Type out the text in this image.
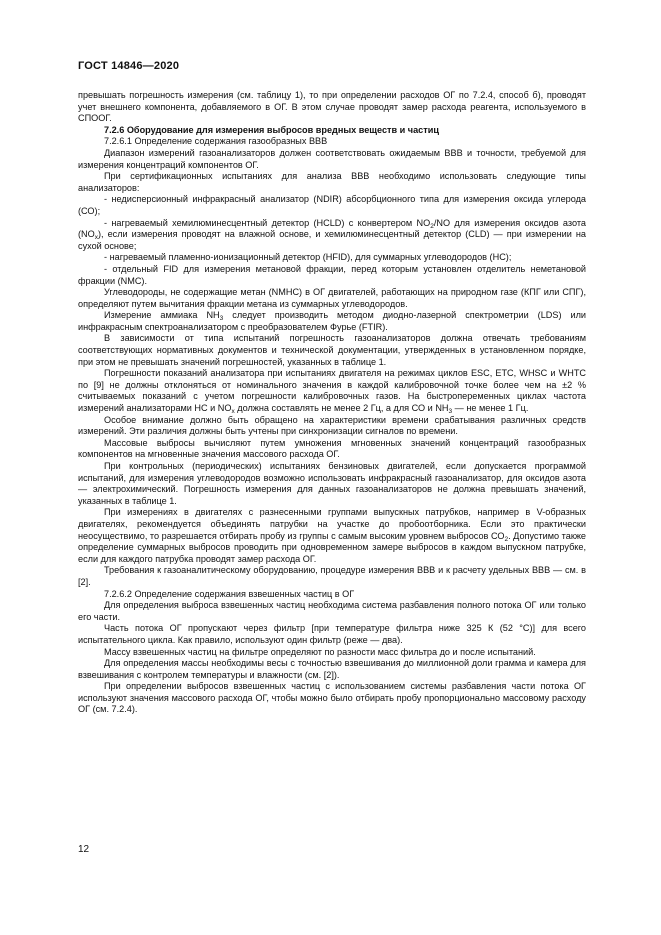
ГОСТ 14846—2020

превышать погрешность измерения (см. таблицу 1), то при определении расходов ОГ по 7.2.4, способ б), проводят учет внешнего компонента, добавляемого в ОГ. В этом случае проводят замер расхода реагента, используемого в СПООГ.

7.2.6 Оборудование для измерения выбросов вредных веществ и частиц

7.2.6.1 Определение содержания газообразных ВВВ

Диапазон измерений газоанализаторов должен соответствовать ожидаемым ВВВ и точности, требуемой для измерения концентраций компонентов ОГ.

При сертификационных испытаниях для анализа ВВВ необходимо использовать следующие типы анализаторов:

- недисперсионный инфракрасный анализатор (NDIR) абсорбционного типа для измерения оксида углерода (СО);

- нагреваемый хемилюминесцентный детектор (HCLD) с конвертером $NO_2/NO$ для измерения оксидов азота $(NO_x)$, если измерения проводят на влажной основе, и хемилюминесцентный детектор (CLD) — при измерении на сухой основе;

- нагреваемый пламенно-ионизационный детектор (HFID), для суммарных углеводородов (НС);

- отдельный FID для измерения метановой фракции, перед которым установлен отделитель неметановой фракции (NMC).

Углеводороды, не содержащие метан (NMHC) в ОГ двигателей, работающих на природном газе (КПГ или СПГ), определяют путем вычитания фракции метана из суммарных углеводородов.

Измерение аммиака $NH_3$ следует производить методом диодно-лазерной спектрометрии (LDS) или инфракрасным спектроанализатором с преобразователем Фурье (FTIR).

В зависимости от типа испытаний погрешность газоанализаторов должна отвечать требованиям соответствующих нормативных документов и технической документации, утвержденных в установленном порядке, при этом не превышать значений погрешностей, указанных в таблице 1.

Погрешности показаний анализатора при испытаниях двигателя на режимах циклов ESC, ETC, WHSC и WHTC по [9] не должны отклоняться от номинального значения в каждой калибровочной точке более чем на ±2 % считываемых показаний с учетом погрешности калибровочных газов. На быстропеременных циклах частота измерений анализаторами НС и $NO_x$ должна составлять не менее 2 Гц, а для СО и $NH_3$ — не менее 1 Гц.

Особое внимание должно быть обращено на характеристики времени срабатывания различных средств измерений. Эти различия должны быть учтены при синхронизации сигналов по времени.

Массовые выбросы вычисляют путем умножения мгновенных значений концентраций газообразных компонентов на мгновенные значения массового расхода ОГ.

При контрольных (периодических) испытаниях бензиновых двигателей, если допускается программой испытаний, для измерения углеводородов возможно использовать инфракрасный газоанализатор, для оксидов азота — электрохимический. Погрешность измерения для данных газоанализаторов не должна превышать значений, указанных в таблице 1.

При измерениях в двигателях с разнесенными группами выпускных патрубков, например в V-образных двигателях, рекомендуется объединять патрубки на участке до пробоотборника. Если это практически неосуществимо, то разрешается отбирать пробу из группы с самым высоким уровнем выбросов $СО_2$. Допустимо также определение суммарных выбросов проводить при одновременном замере выбросов в каждом выпускном патрубке, если для каждого патрубка проводят замер расхода ОГ.

Требования к газоаналитическому оборудованию, процедуре измерения ВВВ и к расчету удельных ВВВ — см. в [2].

7.2.6.2 Определение содержания взвешенных частиц в ОГ

Для определения выброса взвешенных частиц необходима система разбавления полного потока ОГ или только его части.

Часть потока ОГ пропускают через фильтр [при температуре фильтра ниже 325 К (52 °С)] для всего испытательного цикла. Как правило, используют один фильтр (реже — два).

Массу взвешенных частиц на фильтре определяют по разности масс фильтра до и после испытаний.

Для определения массы необходимы весы с точностью взвешивания до миллионной доли грамма и камера для взвешивания с контролем температуры и влажности (см. [2]).

При определении выбросов взвешенных частиц с использованием системы разбавления части потока ОГ используют значения массового расхода ОГ, чтобы можно было отбирать пробу пропорционально массовому расходу ОГ (см. 7.2.4).

12
